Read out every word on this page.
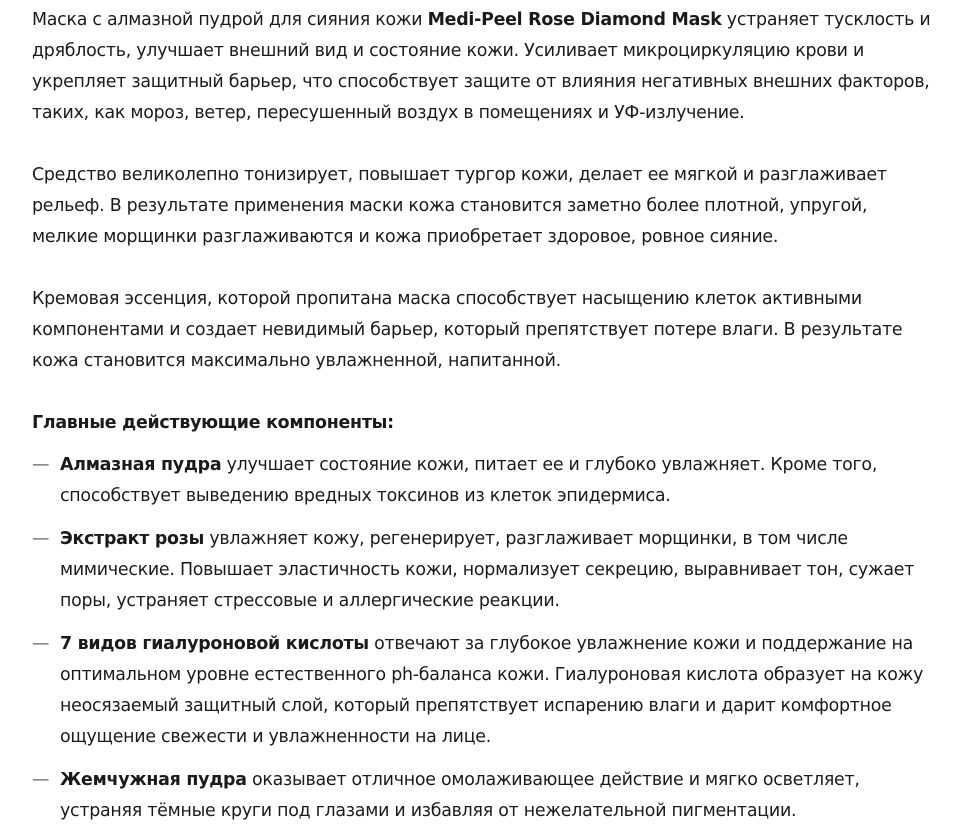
Маска с алмазной пудрой для сияния кожи Medi-Peel Rose Diamond Mask устраняет тусклость и дряблость, улучшает внешний вид и состояние кожи. Усиливает микроциркуляцию крови и укрепляет защитный барьер, что способствует защите от влияния негативных внешних факторов, таких, как мороз, ветер, пересушенный воздух в помещениях и УФ-излучение.

Средство великолепно тонизирует, повышает тургор кожи, делает ее мягкой и разглаживает рельеф. В результате применения маски кожа становится заметно более плотной, упругой, мелкие морщинки разглаживаются и кожа приобретает здоровое, ровное сияние.

Кремовая эссенция, которой пропитана маска способствует насыщению клеток активными компонентами и создает невидимый барьер, который препятствует потере влаги. В результате кожа становится максимально увлажненной, напитанной.

Главные действующие компоненты:
— Алмазная пудра улучшает состояние кожи, питает ее и глубоко увлажняет. Кроме того, способствует выведению вредных токсинов из клеток эпидермиса.
— Экстракт розы увлажняет кожу, регенерирует, разглаживает морщинки, в том числе мимические. Повышает эластичность кожи, нормализует секрецию, выравнивает тон, сужает поры, устраняет стрессовые и аллергические реакции.
— 7 видов гиалуроновой кислоты отвечают за глубокое увлажнение кожи и поддержание на оптимальном уровне естественного ph-баланса кожи. Гиалуроновая кислота образует на кожу неосязаемый защитный слой, который препятствует испарению влаги и дарит комфортное ощущение свежести и увлажненности на лице.
— Жемчужная пудра оказывает отличное омолаживающее действие и мягко осветляет, устраняя тёмные круги под глазами и избавляя от нежелательной пигментации.
